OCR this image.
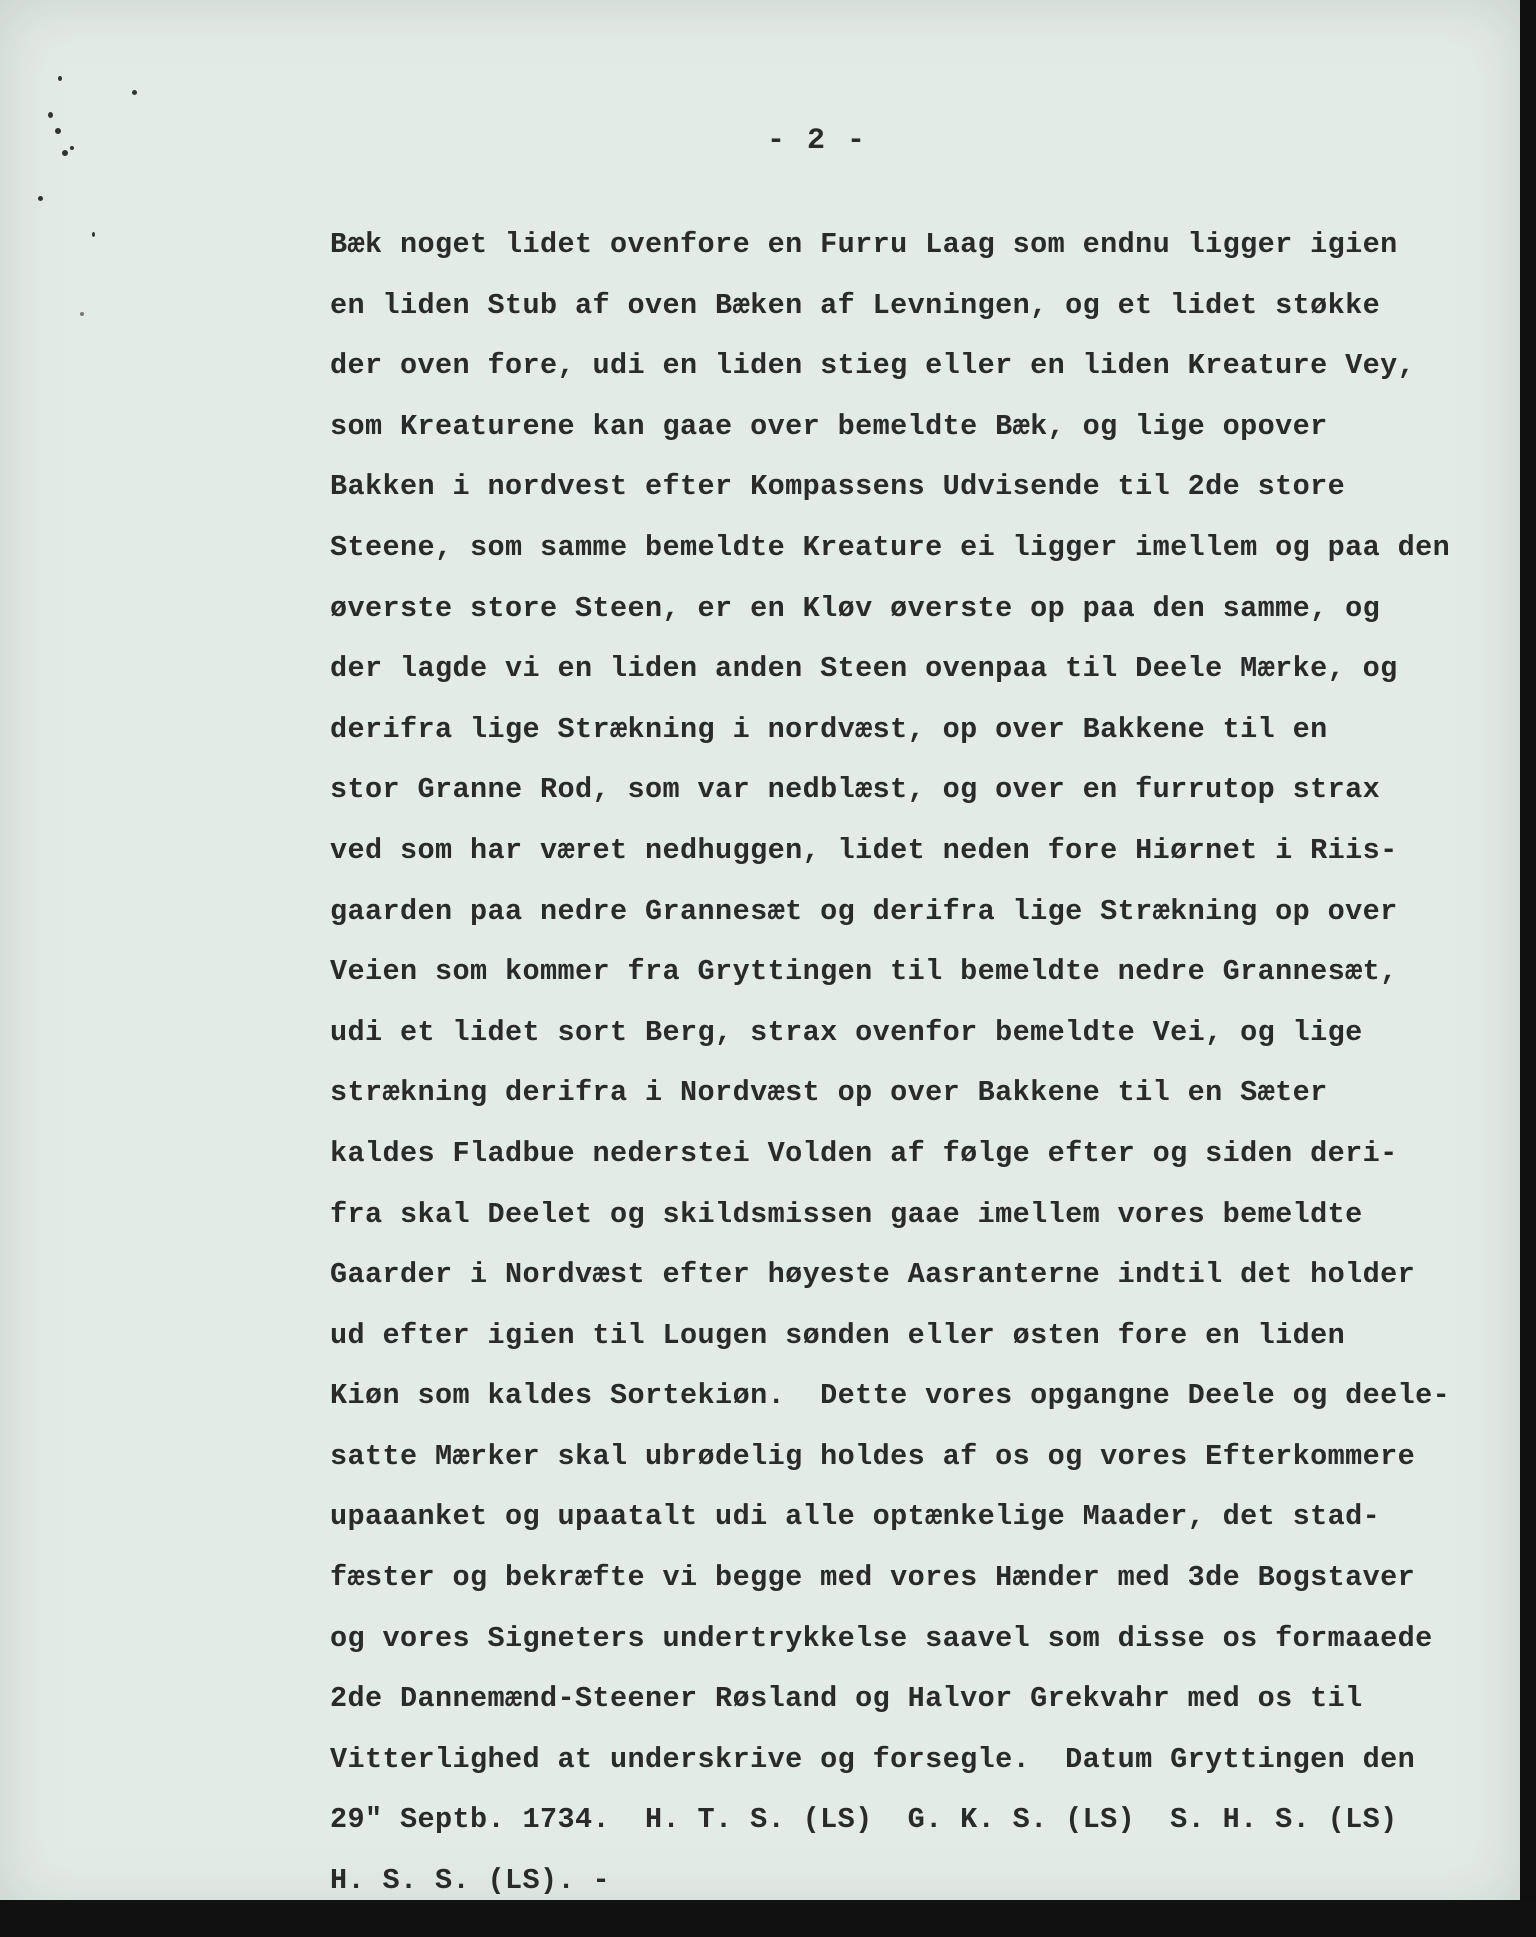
- 2 -
Bæk noget lidet ovenfore en Furru Laag som endnu ligger igien
en liden Stub af oven Bæken af Levningen, og et lidet støkke
der oven fore, udi en liden stieg eller en liden Kreature Vey,
som Kreaturene kan gaae over bemeldte Bæk, og lige opover
Bakken i nordvest efter Kompassens Udvisende til 2de store
Steene, som samme bemeldte Kreature ei ligger imellem og paa den
øverste store Steen, er en Kløv øverste op paa den samme, og
der lagde vi en liden anden Steen ovenpaa til Deele Mærke, og
derifra lige Strækning i nordvæst, op over Bakkene til en
stor Granne Rod, som var nedblæst, og over en furrutop strax
ved som har været nedhuggen, lidet neden fore Hiørnet i Riis-
gaarden paa nedre Grannesæt og derifra lige Strækning op over
Veien som kommer fra Gryttingen til bemeldte nedre Grannesæt,
udi et lidet sort Berg, strax ovenfor bemeldte Vei, og lige
strækning derifra i Nordvæst op over Bakkene til en Sæter
kaldes Fladbue nederstei Volden af følge efter og siden deri-
fra skal Deelet og skildsmissen gaae imellem vores bemeldte
Gaarder i Nordvæst efter høyeste Aasranterne indtil det holder
ud efter igien til Lougen sønden eller østen fore en liden
Kiøn som kaldes Sortekiøn.  Dette vores opgangne Deele og deele-
satte Mærker skal ubrødelig holdes af os og vores Efterkommere
upaaanket og upaatalt udi alle optænkelige Maader, det stad-
fæster og bekræfte vi begge med vores Hænder med 3de Bogstaver
og vores Signeters undertrykkelse saavel som disse os formaaede
2de Dannemænd-Steener Røsland og Halvor Grekvahr med os til
Vitterlighed at underskrive og forsegle.  Datum Gryttingen den
29" Septb. 1734.  H. T. S. (LS)  G. K. S. (LS)  S. H. S. (LS)
H. S. S. (LS). -
